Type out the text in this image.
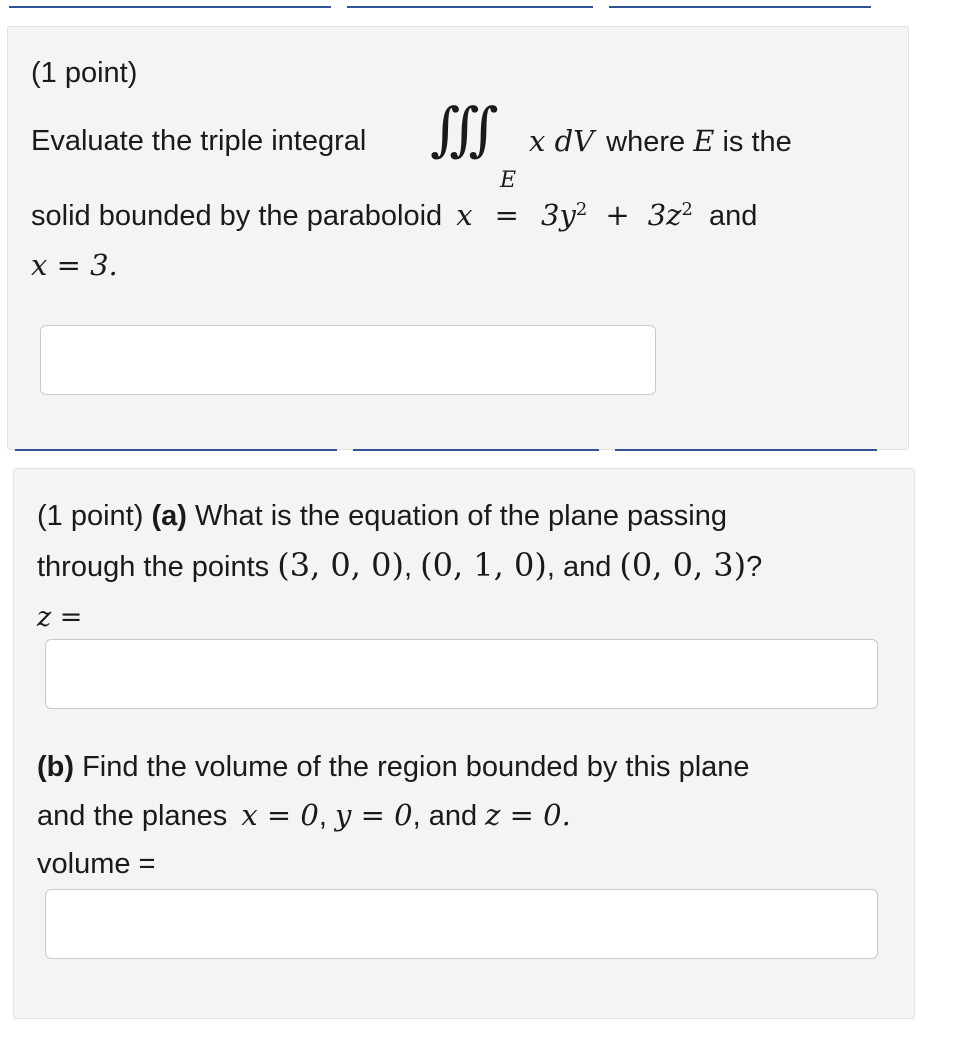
(1 point)
Evaluate the triple integral ∭
E
x dV where E is the
solid bounded by the paraboloid $x = 3y^2 + 3z^2$ and
x = 3.
(1 point) (a) What is the equation of the plane passing
through the points (3, 0, 0), (0, 1, 0), and (0, 0, 3)?
z =
(b) Find the volume of the region bounded by this plane
and the planes x = 0, y = 0, and z = 0.
volume =
